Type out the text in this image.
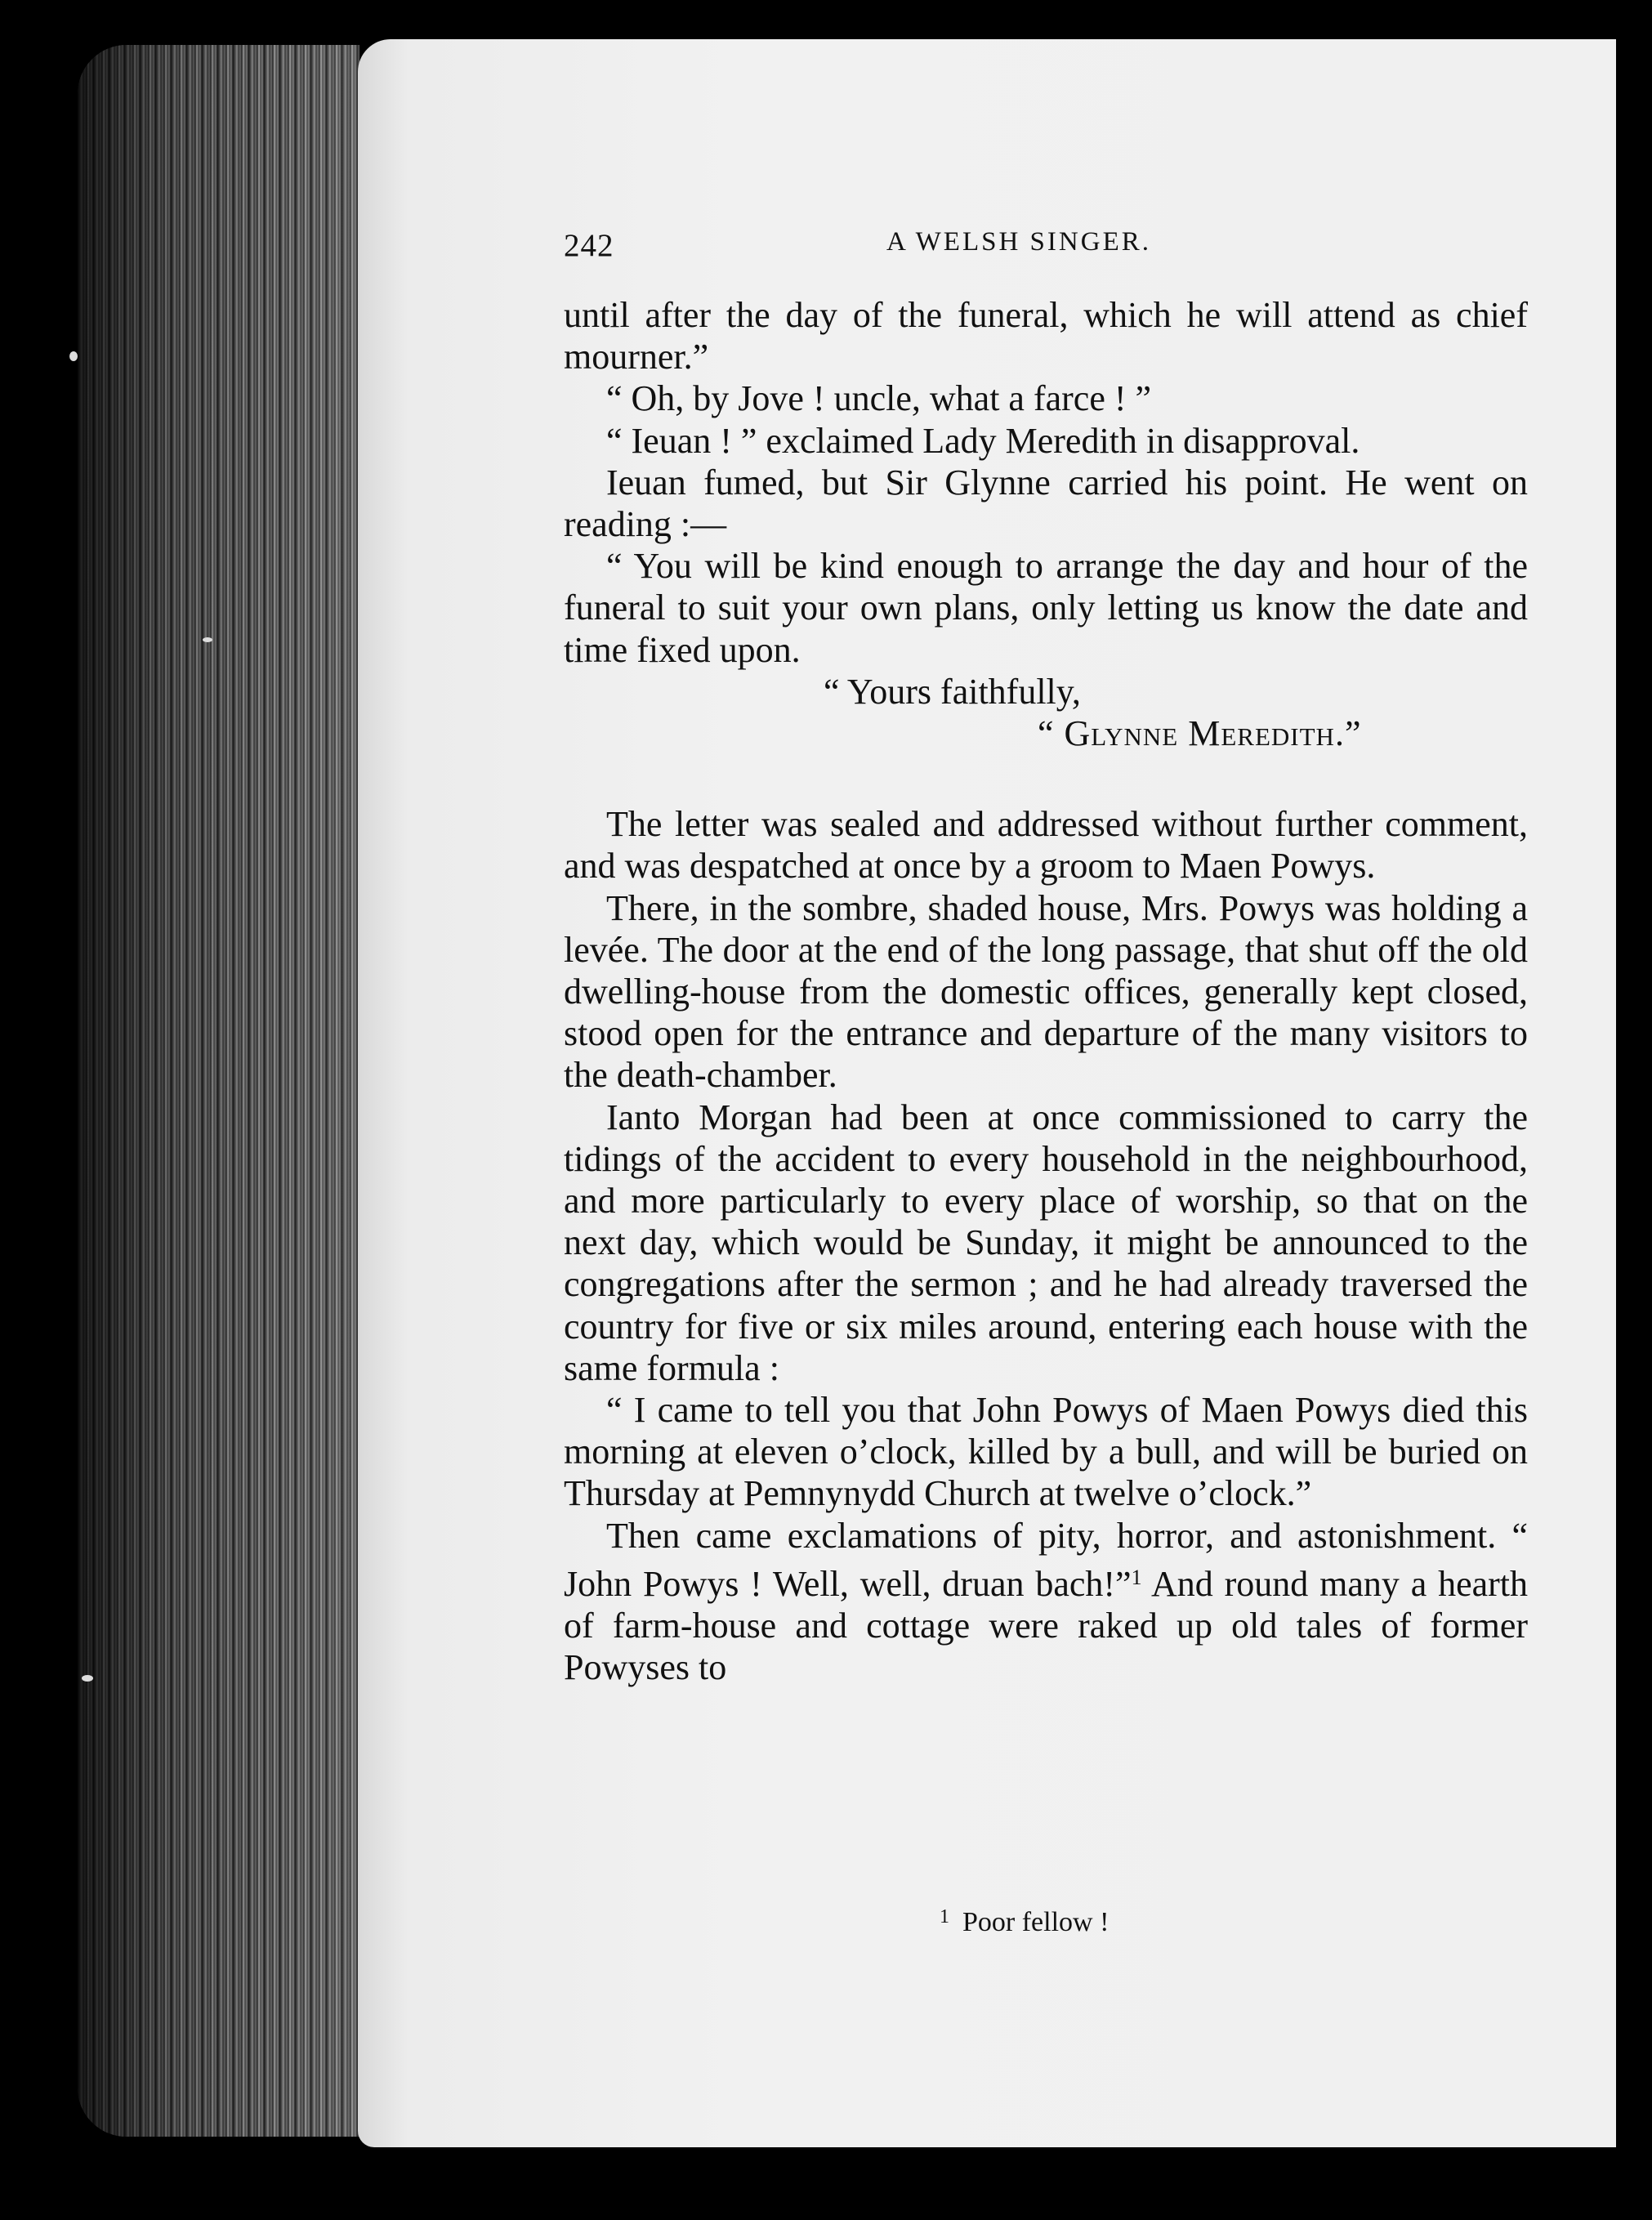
242	A WELSH SINGER.

until after the day of the funeral, which he will attend as chief mourner.”

“ Oh, by Jove ! uncle, what a farce ! ”

“ Ieuan ! ” exclaimed Lady Meredith in disapproval.

Ieuan fumed, but Sir Glynne carried his point. He went on reading :—

“ You will be kind enough to arrange the day and hour of the funeral to suit your own plans, only letting us know the date and time fixed upon.

“ Yours faithfully,

“ Glynne Meredith.”

The letter was sealed and addressed without further comment, and was despatched at once by a groom to Maen Powys.

There, in the sombre, shaded house, Mrs. Powys was holding a levée. The door at the end of the long passage, that shut off the old dwelling-house from the domestic offices, generally kept closed, stood open for the entrance and departure of the many visitors to the death-chamber.

Ianto Morgan had been at once commissioned to carry the tidings of the accident to every household in the neighbourhood, and more particularly to every place of worship, so that on the next day, which would be Sunday, it might be announced to the congregations after the sermon ; and he had already traversed the country for five or six miles around, entering each house with the same formula :

“ I came to tell you that John Powys of Maen Powys died this morning at eleven o’clock, killed by a bull, and will be buried on Thursday at Pemnynydd Church at twelve o’clock.”

Then came exclamations of pity, horror, and astonishment. “ John Powys ! Well, well, druan bach!”$^1$ And round many a hearth of farm-house and cottage were raked up old tales of former Powyses to

$^1$ Poor fellow !
